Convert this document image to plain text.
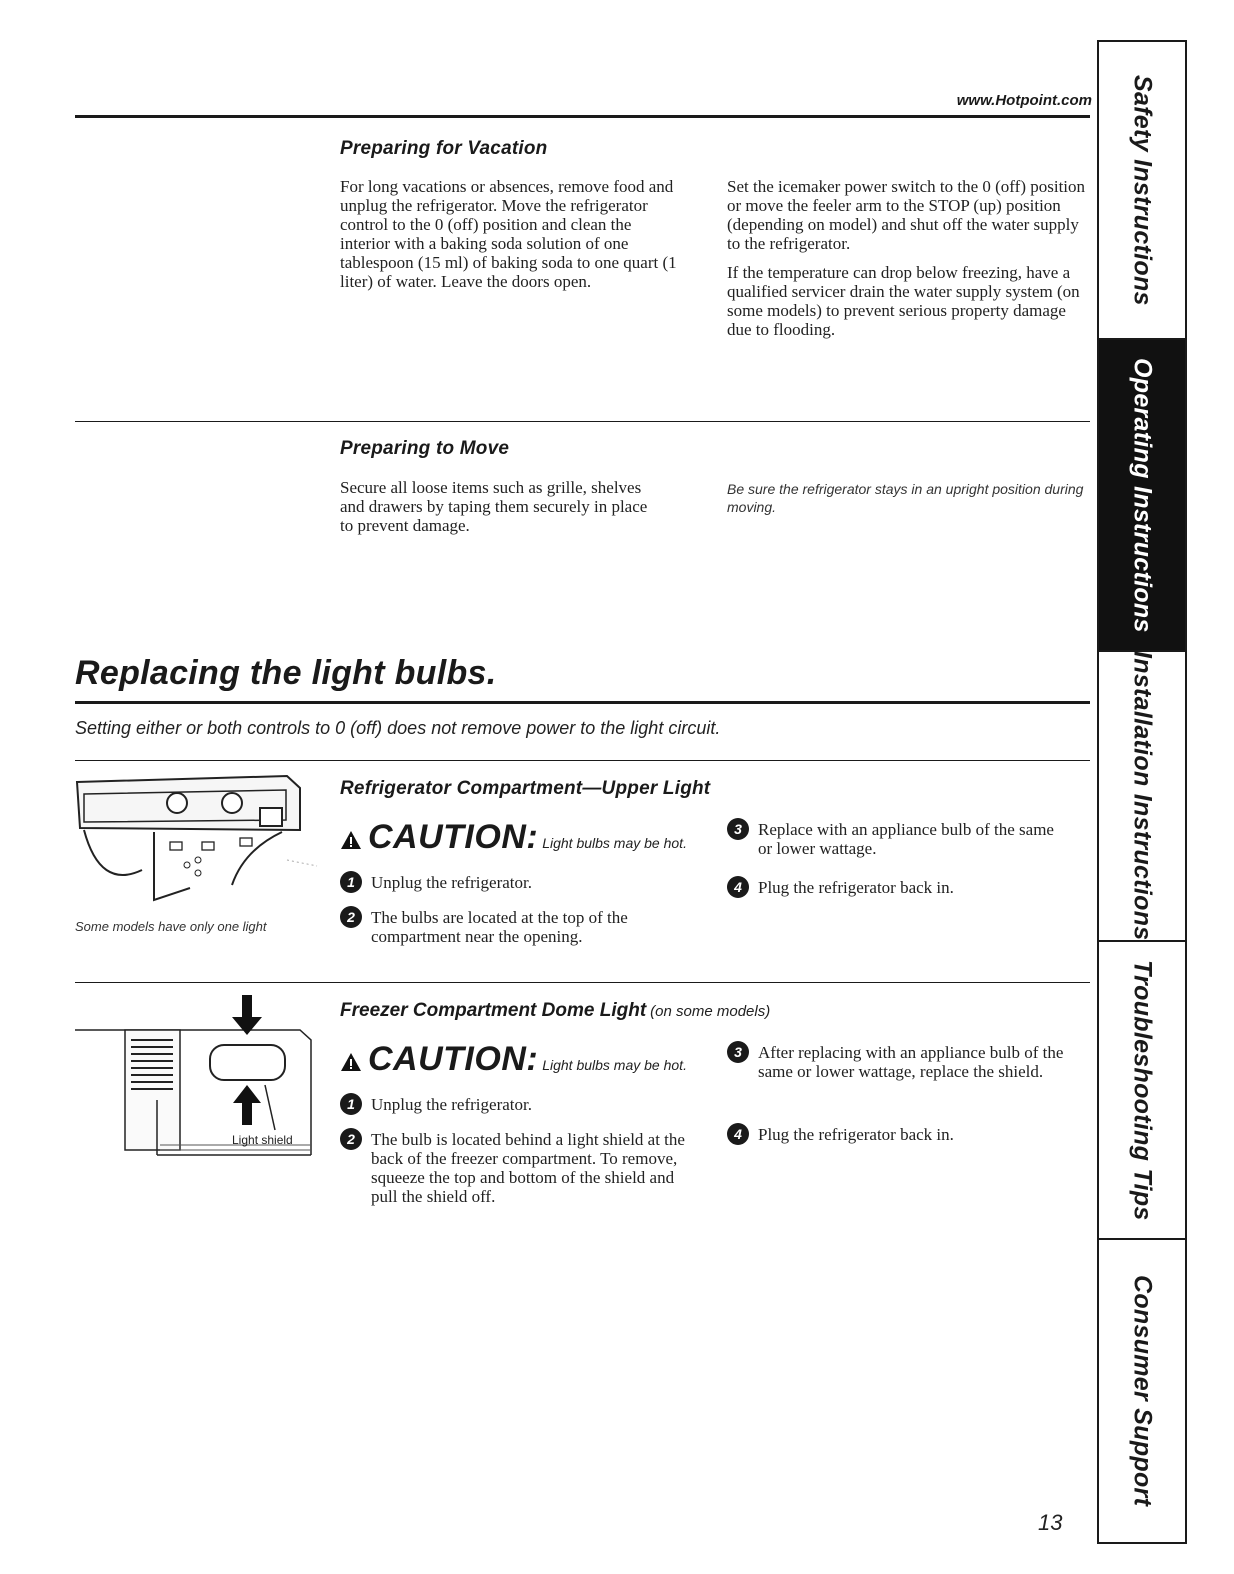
www.Hotpoint.com
Preparing for Vacation
For long vacations or absences, remove food and unplug the refrigerator. Move the refrigerator control to the 0 (off) position and clean the interior with a baking soda solution of one tablespoon (15 ml) of baking soda to one quart (1 liter) of water. Leave the doors open.

Set the icemaker power switch to the 0 (off) position or move the feeler arm to the STOP (up) position (depending on model) and shut off the water supply to the refrigerator.

If the temperature can drop below freezing, have a qualified servicer drain the water supply system (on some models) to prevent serious property damage due to flooding.

Preparing to Move
Secure all loose items such as grille, shelves and drawers by taping them securely in place to prevent damage.
Be sure the refrigerator stays in an upright position during moving.
Replacing the light bulbs.
Setting either or both controls to 0 (off) does not remove power to the light circuit.
Some models have only one light
Refrigerator Compartment—Upper Light
CAUTION: Light bulbs may be hot.
1 Unplug the refrigerator.
2 The bulbs are located at the top of the compartment near the opening.
3 Replace with an appliance bulb of the same or lower wattage.
4 Plug the refrigerator back in.
Light shield
Freezer Compartment Dome Light (on some models)
CAUTION: Light bulbs may be hot.
1 Unplug the refrigerator.
2 The bulb is located behind a light shield at the back of the freezer compartment. To remove, squeeze the top and bottom of the shield and pull the shield off.
3 After replacing with an appliance bulb of the same or lower wattage, replace the shield.
4 Plug the refrigerator back in.
13
Safety Instructions
Operating Instructions
Installation Instructions
Troubleshooting Tips
Consumer Support
